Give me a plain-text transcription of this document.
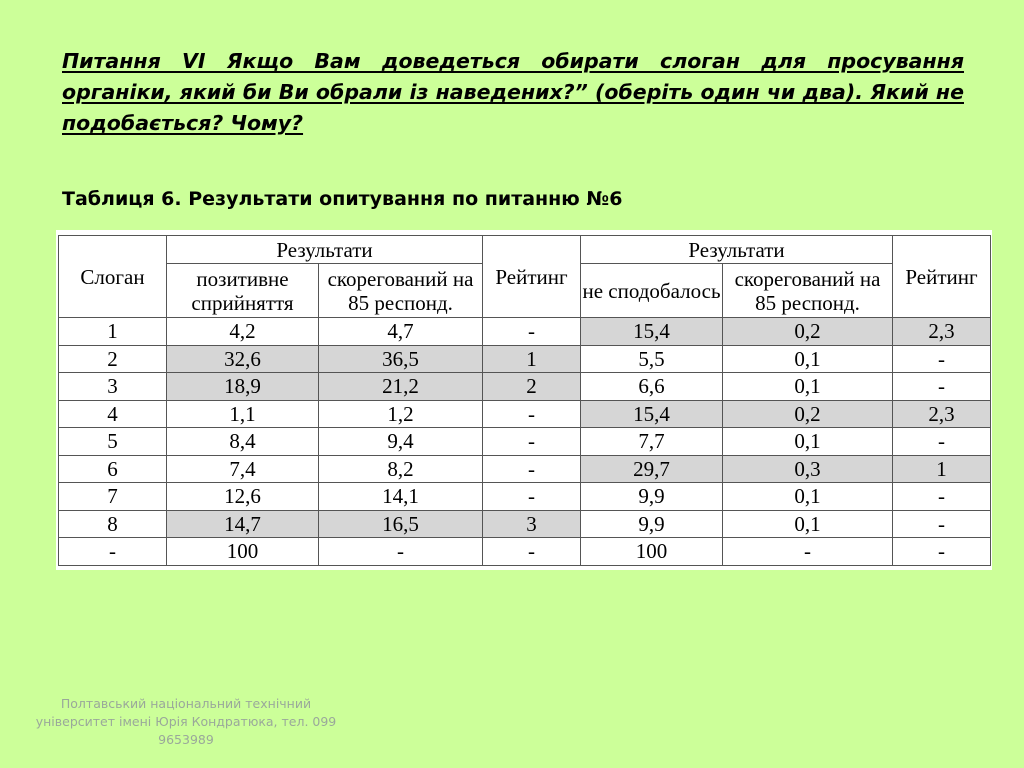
Питання VI Якщо Вам доведеться обирати слоган для просування органіки, який би Ви обрали із наведених?” (оберіть один чи два). Який не подобається? Чому?
Таблиця 6. Результати опитування по питанню №6
Слоган	Результати		Рейтинг	Результати		Рейтинг
	позитивне сприйняття	скорегований на 85 респонд.		не сподобалось	скорегований на 85 респонд.	
1	4,2	4,7	-	15,4	0,2	2,3
2	32,6	36,5	1	5,5	0,1	-
3	18,9	21,2	2	6,6	0,1	-
4	1,1	1,2	-	15,4	0,2	2,3
5	8,4	9,4	-	7,7	0,1	-
6	7,4	8,2	-	29,7	0,3	1
7	12,6	14,1	-	9,9	0,1	-
8	14,7	16,5	3	9,9	0,1	-
-	100	-	-	100	-	-
Полтавський національний технічний університет імені Юрія Кондратюка, тел. 099 9653989
